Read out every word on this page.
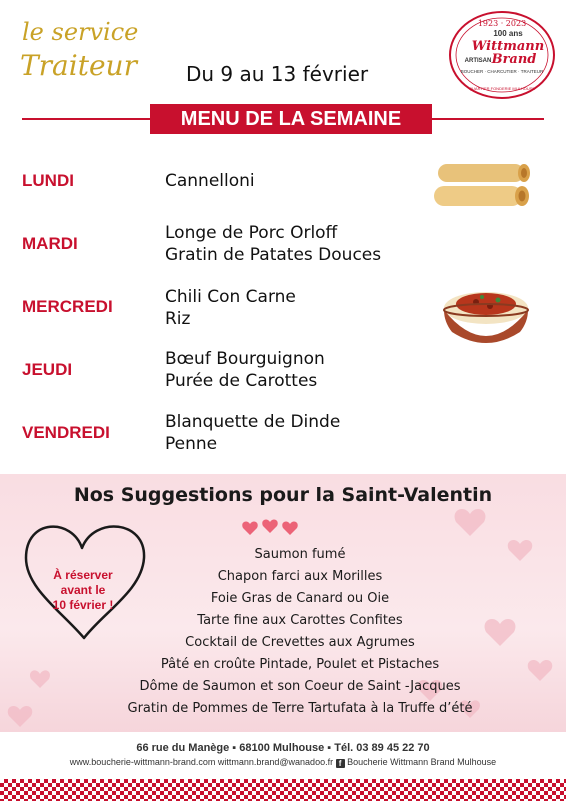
le service
Traiteur Du 9 au 13 février
1923 · 2023
100 ans
Wittmann
Brand
ARTISAN
BOUCHER · CHARCUTIER · TRAITEUR
QUARTIER FONDERIE MULHOUSE
MENU DE LA SEMAINE
LUNDI	Cannelloni
MARDI
Longe de Porc Orloff
Gratin de Patates Douces
MERCREDI	Chili Con Carne
Riz
JEUDI
Bœuf Bourguignon
Purée de Carottes
VENDREDI
Blanquette de Dinde
Penne
Nos Suggestions pour la Saint-Valentin
À réserver
avant le
10 février !
Saumon fumé
Chapon farci aux Morilles
Foie Gras de Canard ou Oie
Tarte fine aux Carottes Confites
Cocktail de Crevettes aux Agrumes
Pâté en croûte Pintade, Poulet et Pistaches
Dôme de Saumon et son Coeur de Saint -Jacques
Gratin de Pommes de Terre Tartufata à la Truffe d’été
66 rue du Manège ▪ 68100 Mulhouse ▪ Tél. 03 89 45 22 70
www.boucherie-wittmann-brand.com wittmann.brand@wanadoo.fr f Boucherie Wittmann Brand Mulhouse
